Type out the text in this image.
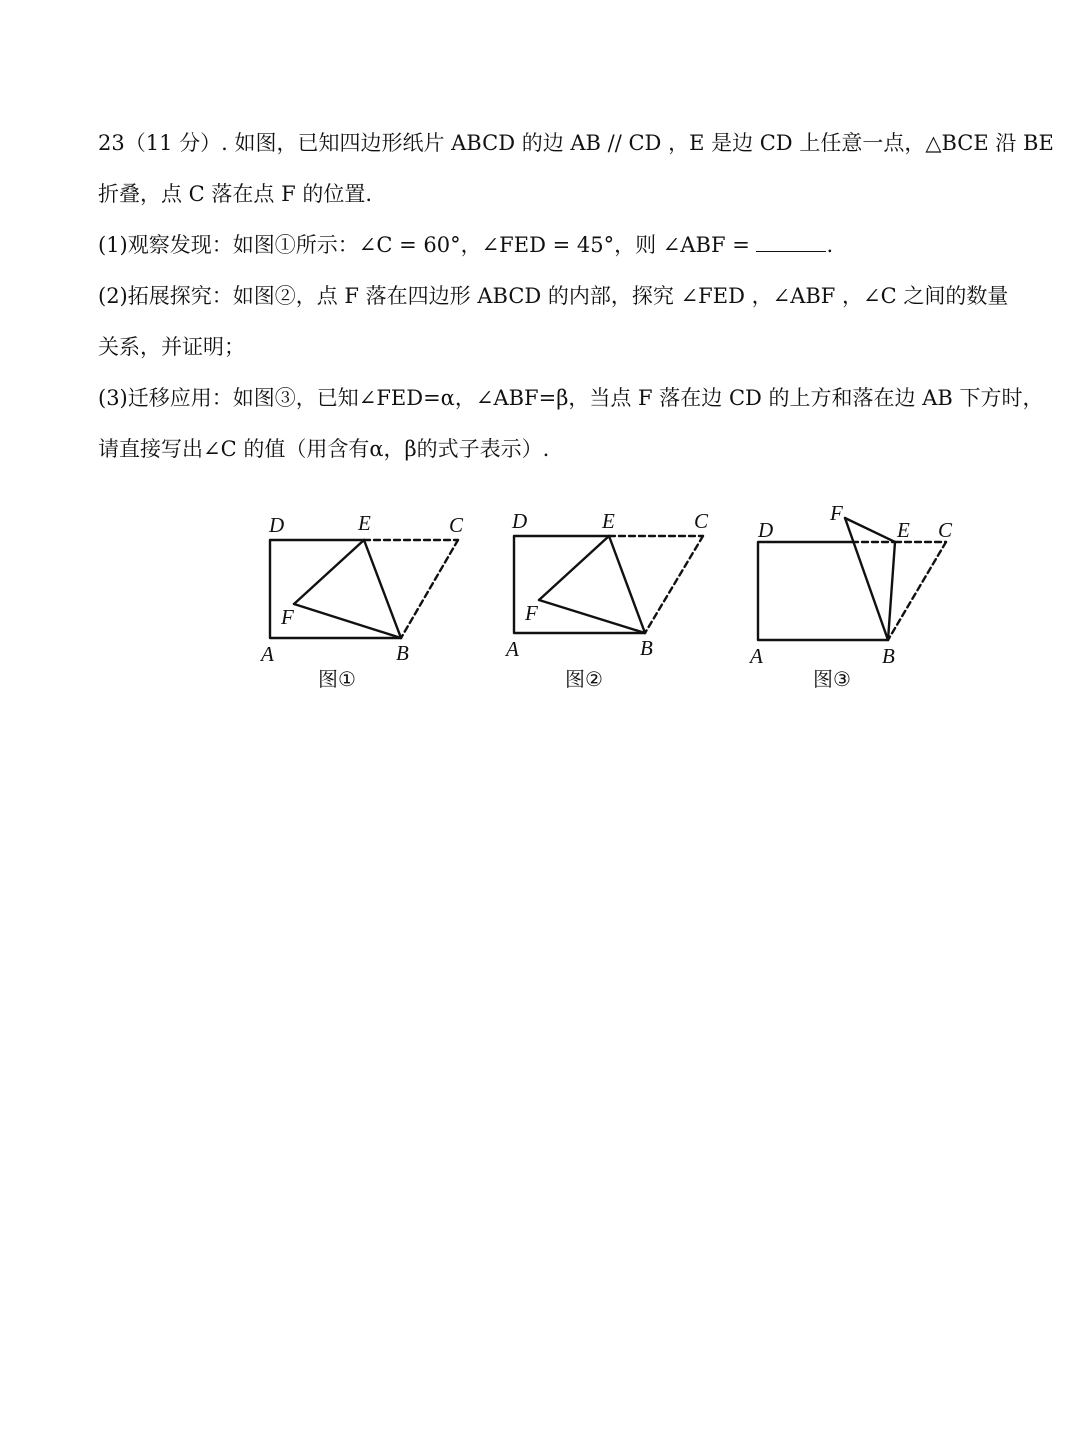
23（11 分）. 如图，已知四边形纸片 ABCD 的边 AB // CD ，E 是边 CD 上任意一点，△BCE 沿 BE

折叠，点 C 落在点 F 的位置.

(1)观察发现：如图①所示：∠C = 60°，∠FED = 45°，则 ∠ABF =	.

(2)拓展探究：如图②，点 F 落在四边形 ABCD 的内部，探究 ∠FED ，∠ABF ，∠C 之间的数量

关系，并证明；

(3)迁移应用：如图③，已知∠FED=α，∠ABF=β，当点 F 落在边 CD 的上方和落在边 AB 下方时，

请直接写出∠C 的值（用含有α，β的式子表示）.

D	E	C
F
A	B
图①
D	E	C
F
A	B
图②
D	E C
F
A	B
图③
